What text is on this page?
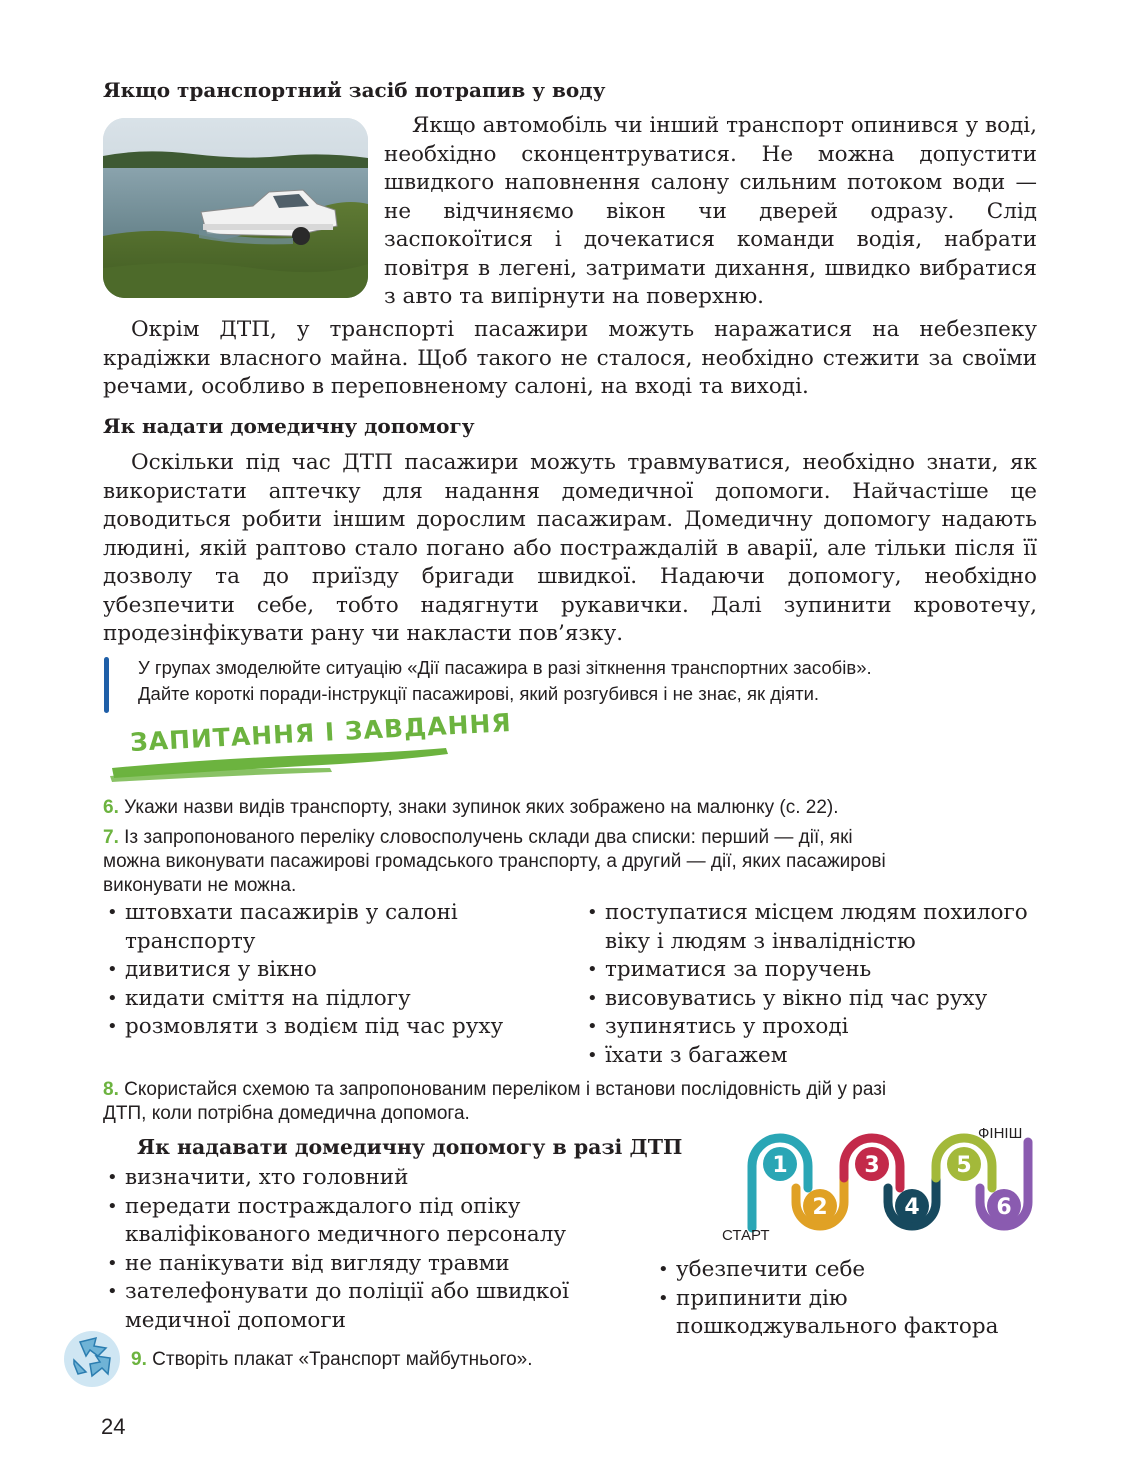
Якщо транспортний засіб потрапив у воду

Якщо автомобіль чи інший транспорт опинився у воді, необхідно сконцентруватися. Не можна допустити швидкого наповнення салону сильним потоком води — не відчиняємо вікон чи дверей одразу. Слід заспокоїтися і дочекатися команди водія, набрати повітря в легені, затримати дихання, швидко вибратися з авто та випірнути на поверхню.

Окрім ДТП, у транспорті пасажири можуть наражатися на небезпеку крадіжки власного майна. Щоб такого не сталося, необхідно стежити за своїми речами, особливо в переповненому салоні, на вході та виході.

Як надати домедичну допомогу

Оскільки під час ДТП пасажири можуть травмуватися, необхідно знати, як використати аптечку для надання домедичної допомоги. Найчастіше це доводиться робити іншим дорослим пасажирам. Домедичну допомогу надають людині, якій раптово стало погано або постраждалій в аварії, але тільки після її дозволу та до приїзду бригади швидкої. Надаючи допомогу, необхідно убезпечити себе, тобто надягнути рукавички. Далі зупинити кровотечу, продезінфікувати рану чи накласти пов’язку.

У групах змоделюйте ситуацію «Дії пасажира в разі зіткнення транспортних засобів».
Дайте короткі поради-інструкції пасажирові, який розгубився і не знає, як діяти.
ЗАПИТАННЯ І ЗАВДАННЯ
6. Укажи назви видів транспорту, знаки зупинок яких зображено на малюнку (с. 22).
7. Із запропонованого переліку словосполучень склади два списки: перший — дії, які
можна виконувати пасажирові громадського транспорту, а другий — дії, яких пасажирові
виконувати не можна.
• штовхати пасажирів у салоні транспорту
• дивитися у вікно
• кидати сміття на підлогу
• розмовляти з водієм під час руху
• поступатися місцем людям похилого віку і людям з інвалідністю
• триматися за поручень
• висовуватись у вікно під час руху
• зупинятись у проході
• їхати з багажем
8. Скористайся схемою та запропонованим переліком і встанови послідовність дій у разі
ДТП, коли потрібна домедична допомога.
Як надавати домедичну допомогу в разі ДТП
• визначити, хто головний
• передати постраждалого під опіку кваліфікованого медичного персоналу
• не панікувати від вигляду травми
• зателефонувати до поліції або швидкої медичної допомоги
• убезпечити себе
• припинити дію пошкоджувального фактора
1
2
3
4
5
6
СТАРТ
ФІНІШ
9. Створіть плакат «Транспорт майбутнього».
24
